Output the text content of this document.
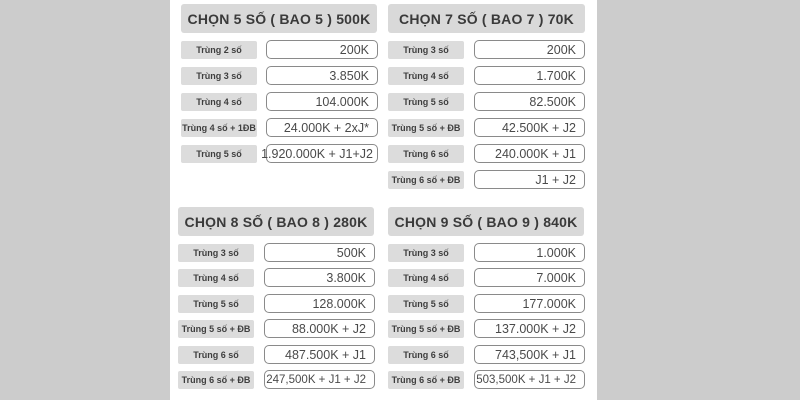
CHỌN 5 SỐ ( BAO 5 ) 500K
Trùng 2 số	200K
Trùng 3 số	3.850K
Trùng 4 số	104.000K
Trùng 4 số + 1ĐB	24.000K + 2xJ*
Trùng 5 số	1.920.000K + J1+J2
CHỌN 7 SỐ ( BAO 7 ) 70K
Trùng 3 số	200K
Trùng 4 số	1.700K
Trùng 5 số	82.500K
Trùng 5 số + ĐB	42.500K + J2
Trùng 6 số	240.000K + J1
Trùng 6 số + ĐB	J1 + J2
CHỌN 8 SỐ ( BAO 8 ) 280K
Trùng 3 số	500K
Trùng 4 số	3.800K
Trùng 5 số	128.000K
Trùng 5 số + ĐB	88.000K + J2
Trùng 6 số	487.500K + J1
Trùng 6 số + ĐB	247,500K + J1 + J2
CHỌN 9 SỐ ( BAO 9 ) 840K
Trùng 3 số	1.000K
Trùng 4 số	7.000K
Trùng 5 số	177.000K
Trùng 5 số + ĐB	137.000K + J2
Trùng 6 số	743,500K + J1
Trùng 6 số + ĐB	503,500K + J1 + J2
